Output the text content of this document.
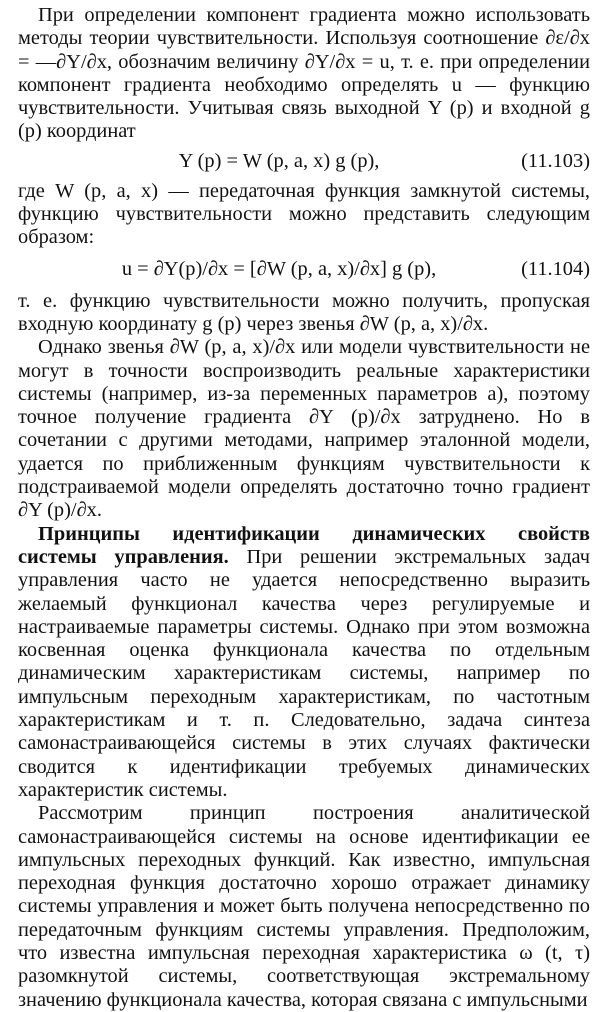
При определении компонент градиента можно использовать методы теории чувствительности. Используя соотношение ∂ε/∂x = —∂Y/∂x, обозначим величину ∂Y/∂x = u, т. е. при определении компонент градиента необходимо определять u — функцию чувствительности. Учитывая связь выходной Y (p) и входной g (p) координат

Y (p) = W (p, a, x) g (p),	(11.103)

где W (p, a, x) — передаточная функция замкнутой системы, функцию чувствительности можно представить следующим образом:

u = ∂Y(p)/∂x = [∂W (p, a, x)/∂x] g (p),	(11.104)

т. е. функцию чувствительности можно получить, пропуская входную координату g (p) через звенья ∂W (p, a, x)/∂x.

Однако звенья ∂W (p, a, x)/∂x или модели чувствительности не могут в точности воспроизводить реальные характеристики системы (например, из-за переменных параметров a), поэтому точное получение градиента ∂Y (p)/∂x затруднено. Но в сочетании с другими методами, например эталонной модели, удается по приближенным функциям чувствительности к подстраиваемой модели определять достаточно точно градиент ∂Y (p)/∂x.

Принципы идентификации динамических свойств системы управления. При решении экстремальных задач управления часто не удается непосредственно выразить желаемый функционал качества через регулируемые и настраиваемые параметры системы. Однако при этом возможна косвенная оценка функционала качества по отдельным динамическим характеристикам системы, например по импульсным переходным характеристикам, по частотным характеристикам и т. п. Следовательно, задача синтеза самонастраивающейся системы в этих случаях фактически сводится к идентификации требуемых динамических характеристик системы.

Рассмотрим принцип построения аналитической самонастраивающейся системы на основе идентификации ее импульсных переходных функций. Как известно, импульсная переходная функция достаточно хорошо отражает динамику системы управления и может быть получена непосредственно по передаточным функциям системы управления. Предположим, что известна импульсная переходная характеристика ω (t, τ) разомкнутой системы, соответствующая экстремальному значению функционала качества, которая связана с импульсными
